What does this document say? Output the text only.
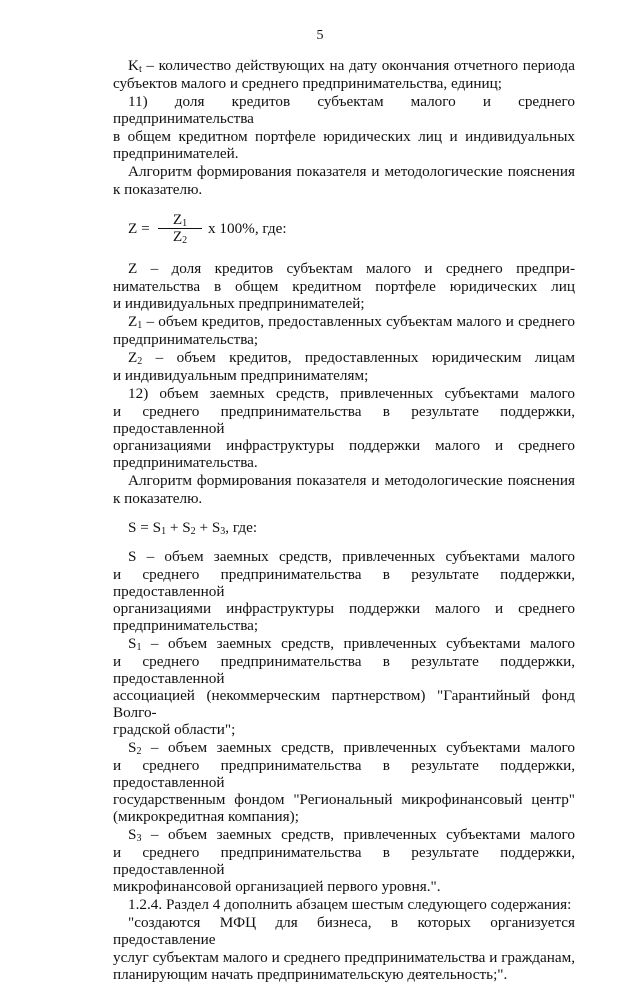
5
$K_t$ – количество действующих на дату окончания отчетного периода
субъектов малого и среднего предпринимательства, единиц;
11) доля кредитов субъектам малого и среднего предпринимательства
в общем кредитном портфеле юридических лиц и индивидуальных
предпринимателей.
Алгоритм формирования показателя и методологические пояснения
к показателю.
Z =
$Z_1$
$Z_2$
x 100%, где:
Z – доля кредитов субъектам малого и среднего предпри-
нимательства в общем кредитном портфеле юридических лиц
и индивидуальных предпринимателей;
$Z_1$ – объем кредитов, предоставленных субъектам малого и среднего
предпринимательства;
$Z_2$ – объем кредитов, предоставленных юридическим лицам
и индивидуальным предпринимателям;
12) объем заемных средств, привлеченных субъектами малого
и среднего предпринимательства в результате поддержки, предоставленной
организациями инфраструктуры поддержки малого и среднего
предпринимательства.
Алгоритм формирования показателя и методологические пояснения
к показателю.
$S = S_1 + S_2 + S_3$, где:
S – объем заемных средств, привлеченных субъектами малого
и среднего предпринимательства в результате поддержки, предоставленной
организациями инфраструктуры поддержки малого и среднего
предпринимательства;
$S_1$ – объем заемных средств, привлеченных субъектами малого
и среднего предпринимательства в результате поддержки, предоставленной
ассоциацией (некоммерческим партнерством) "Гарантийный фонд Волго-
градской области";
$S_2$ – объем заемных средств, привлеченных субъектами малого
и среднего предпринимательства в результате поддержки, предоставленной
государственным фондом "Региональный микрофинансовый центр"
(микрокредитная компания);
$S_3$ – объем заемных средств, привлеченных субъектами малого
и среднего предпринимательства в результате поддержки, предоставленной
микрофинансовой организацией первого уровня.".
1.2.4. Раздел 4 дополнить абзацем шестым следующего содержания:
"создаются МФЦ для бизнеса, в которых организуется предоставление
услуг субъектам малого и среднего предпринимательства и гражданам,
планирующим начать предпринимательскую деятельность;".
